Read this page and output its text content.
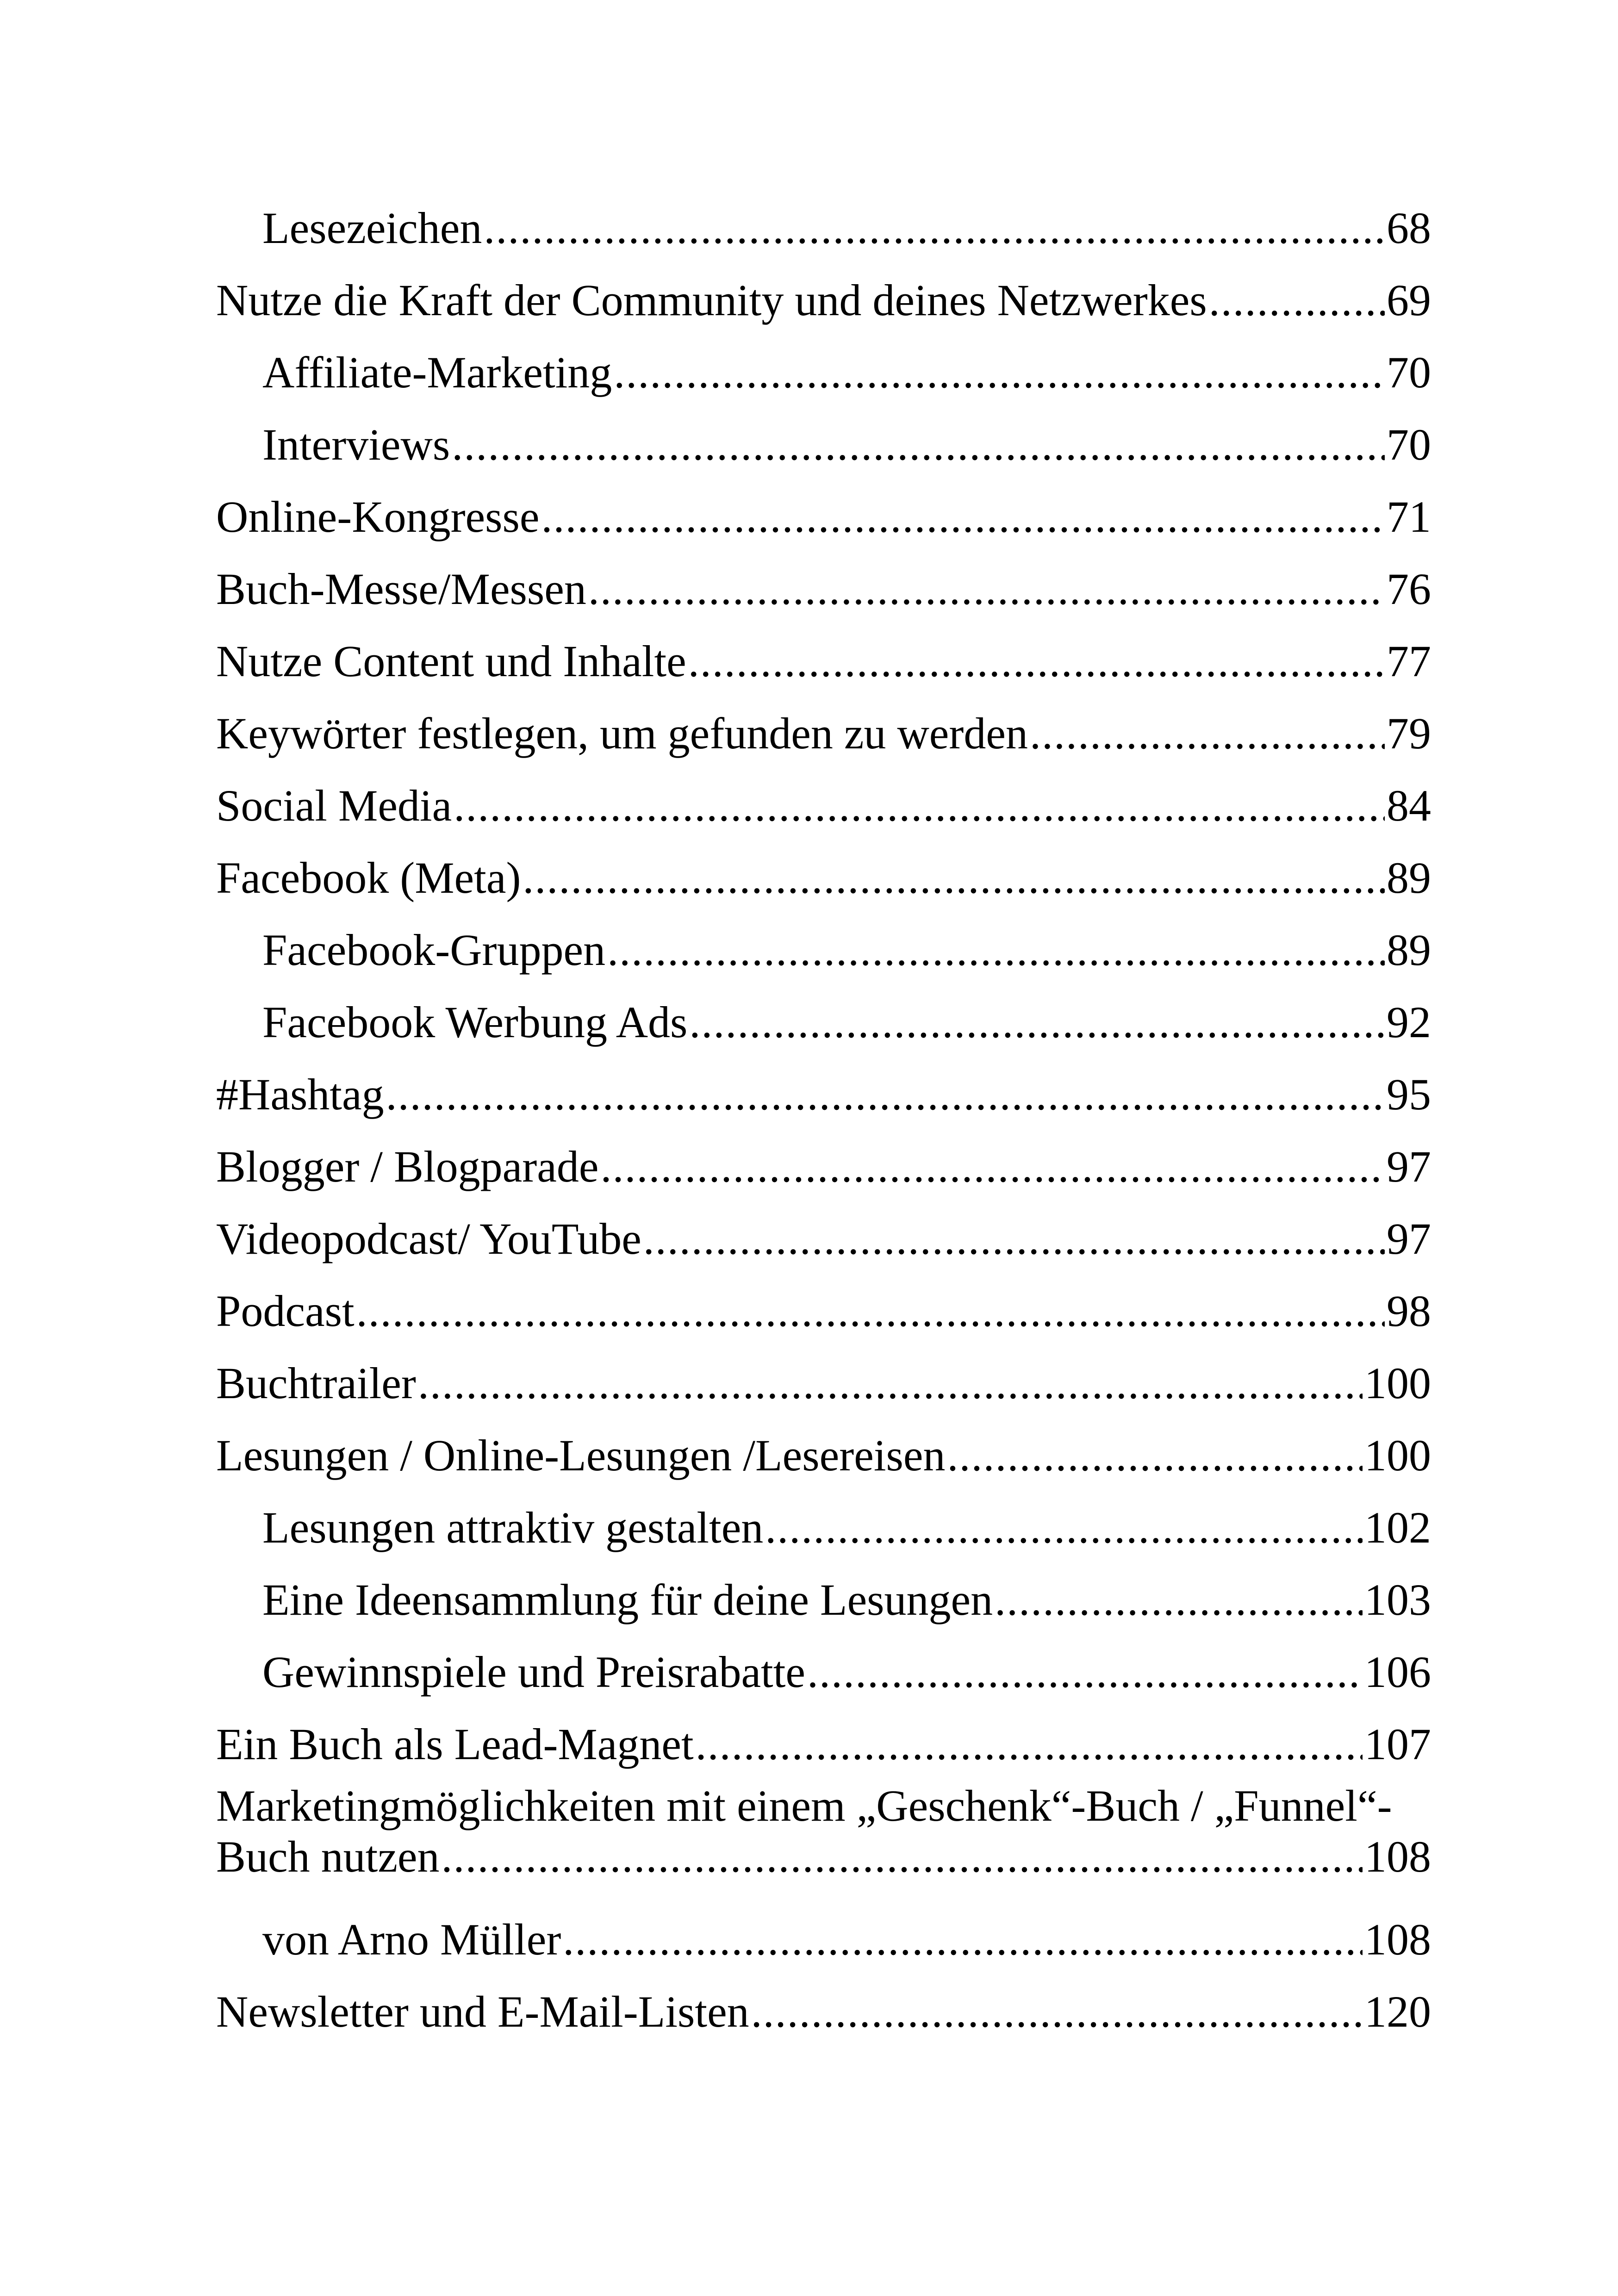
Lesezeichen .....	68
Nutze die Kraft der Community und deines Netzwerkes .....	69
Affiliate-Marketing .....	70
Interviews .....	70
Online-Kongresse .....	71
Buch-Messe/Messen .....	76
Nutze Content und Inhalte .....	77
Keywörter festlegen, um gefunden zu werden .....	79
Social Media .....	84
Facebook (Meta) .....	89
Facebook-Gruppen .....	89
Facebook Werbung Ads .....	92
#Hashtag .....	95
Blogger / Blogparade .....	97
Videopodcast/ YouTube .....	97
Podcast .....	98
Buchtrailer .....	100
Lesungen / Online-Lesungen /Lesereisen .....	100
Lesungen attraktiv gestalten .....	102
Eine Ideensammlung für deine Lesungen .....	103
Gewinnspiele und Preisrabatte .....	106
Ein Buch als Lead-Magnet .....	107
Marketingmöglichkeiten mit einem „Geschenk“-Buch / „Funnel“-
Buch nutzen .....	108
von Arno Müller .....	108
Newsletter und E-Mail-Listen .....	120
